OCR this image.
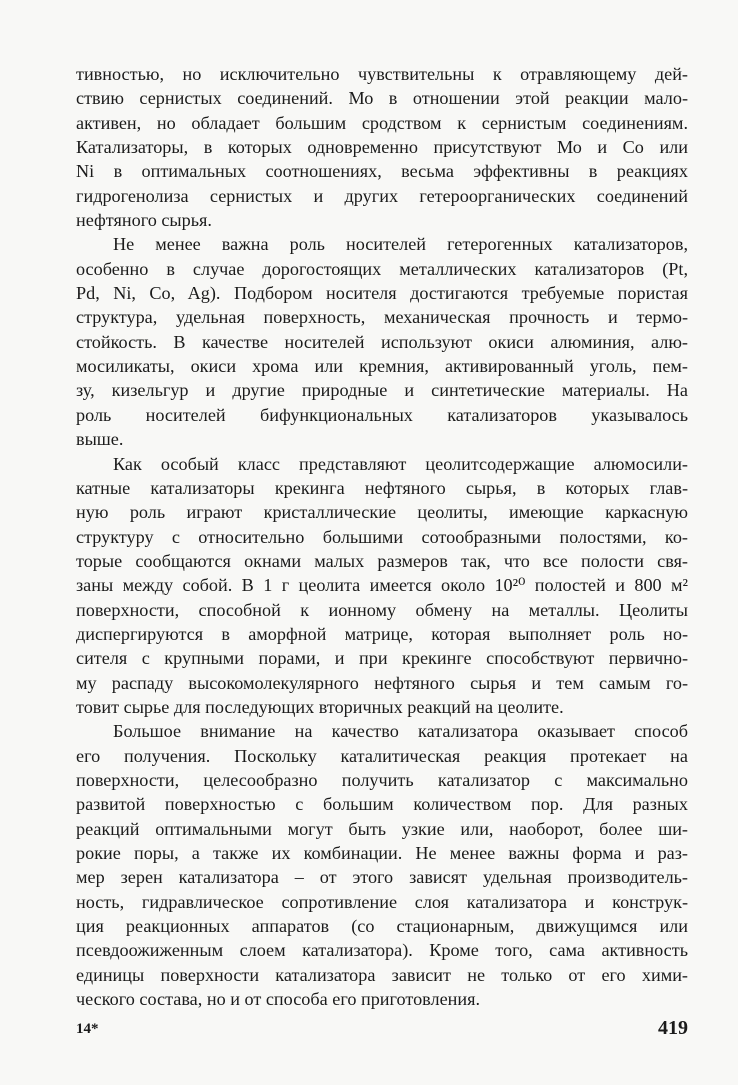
тивностью, но исключительно чувствительны к отравляющему дей-
ствию сернистых соединений. Мо в отношении этой реакции мало-
активен, но обладает большим сродством к сернистым соединениям.
Катализаторы, в которых одновременно присутствуют Мо и Со или
Ni в оптимальных соотношениях, весьма эффективны в реакциях
гидрогенолиза сернистых и других гетероорганических соединений
нефтяного сырья.
Не менее важна роль носителей гетерогенных катализаторов,
особенно в случае дорогостоящих металлических катализаторов (Pt,
Pd, Ni, Co, Ag). Подбором носителя достигаются требуемые пористая
структура, удельная поверхность, механическая прочность и термо-
стойкость. В качестве носителей используют окиси алюминия, алю-
мосиликаты, окиси хрома или кремния, активированный уголь, пем-
зу, кизельгур и другие природные и синтетические материалы. На
роль носителей бифункциональных катализаторов указывалось
выше.
Как особый класс представляют цеолитсодержащие алюмосили-
катные катализаторы крекинга нефтяного сырья, в которых глав-
ную роль играют кристаллические цеолиты, имеющие каркасную
структуру с относительно большими сотообразными полостями, ко-
торые сообщаются окнами малых размеров так, что все полости свя-
заны между собой. В 1 г цеолита имеется около 10²⁰ полостей и 800 м²
поверхности, способной к ионному обмену на металлы. Цеолиты
диспергируются в аморфной матрице, которая выполняет роль но-
сителя с крупными порами, и при крекинге способствуют первично-
му распаду высокомолекулярного нефтяного сырья и тем самым го-
товит сырье для последующих вторичных реакций на цеолите.
Большое внимание на качество катализатора оказывает способ
его получения. Поскольку каталитическая реакция протекает на
поверхности, целесообразно получить катализатор с максимально
развитой поверхностью с большим количеством пор. Для разных
реакций оптимальными могут быть узкие или, наоборот, более ши-
рокие поры, а также их комбинации. Не менее важны форма и раз-
мер зерен катализатора – от этого зависят удельная производитель-
ность, гидравлическое сопротивление слоя катализатора и конструк-
ция реакционных аппаратов (со стационарным, движущимся или
псевдоожиженным слоем катализатора). Кроме того, сама активность
единицы поверхности катализатора зависит не только от его хими-
ческого состава, но и от способа его приготовления.
14*	419
